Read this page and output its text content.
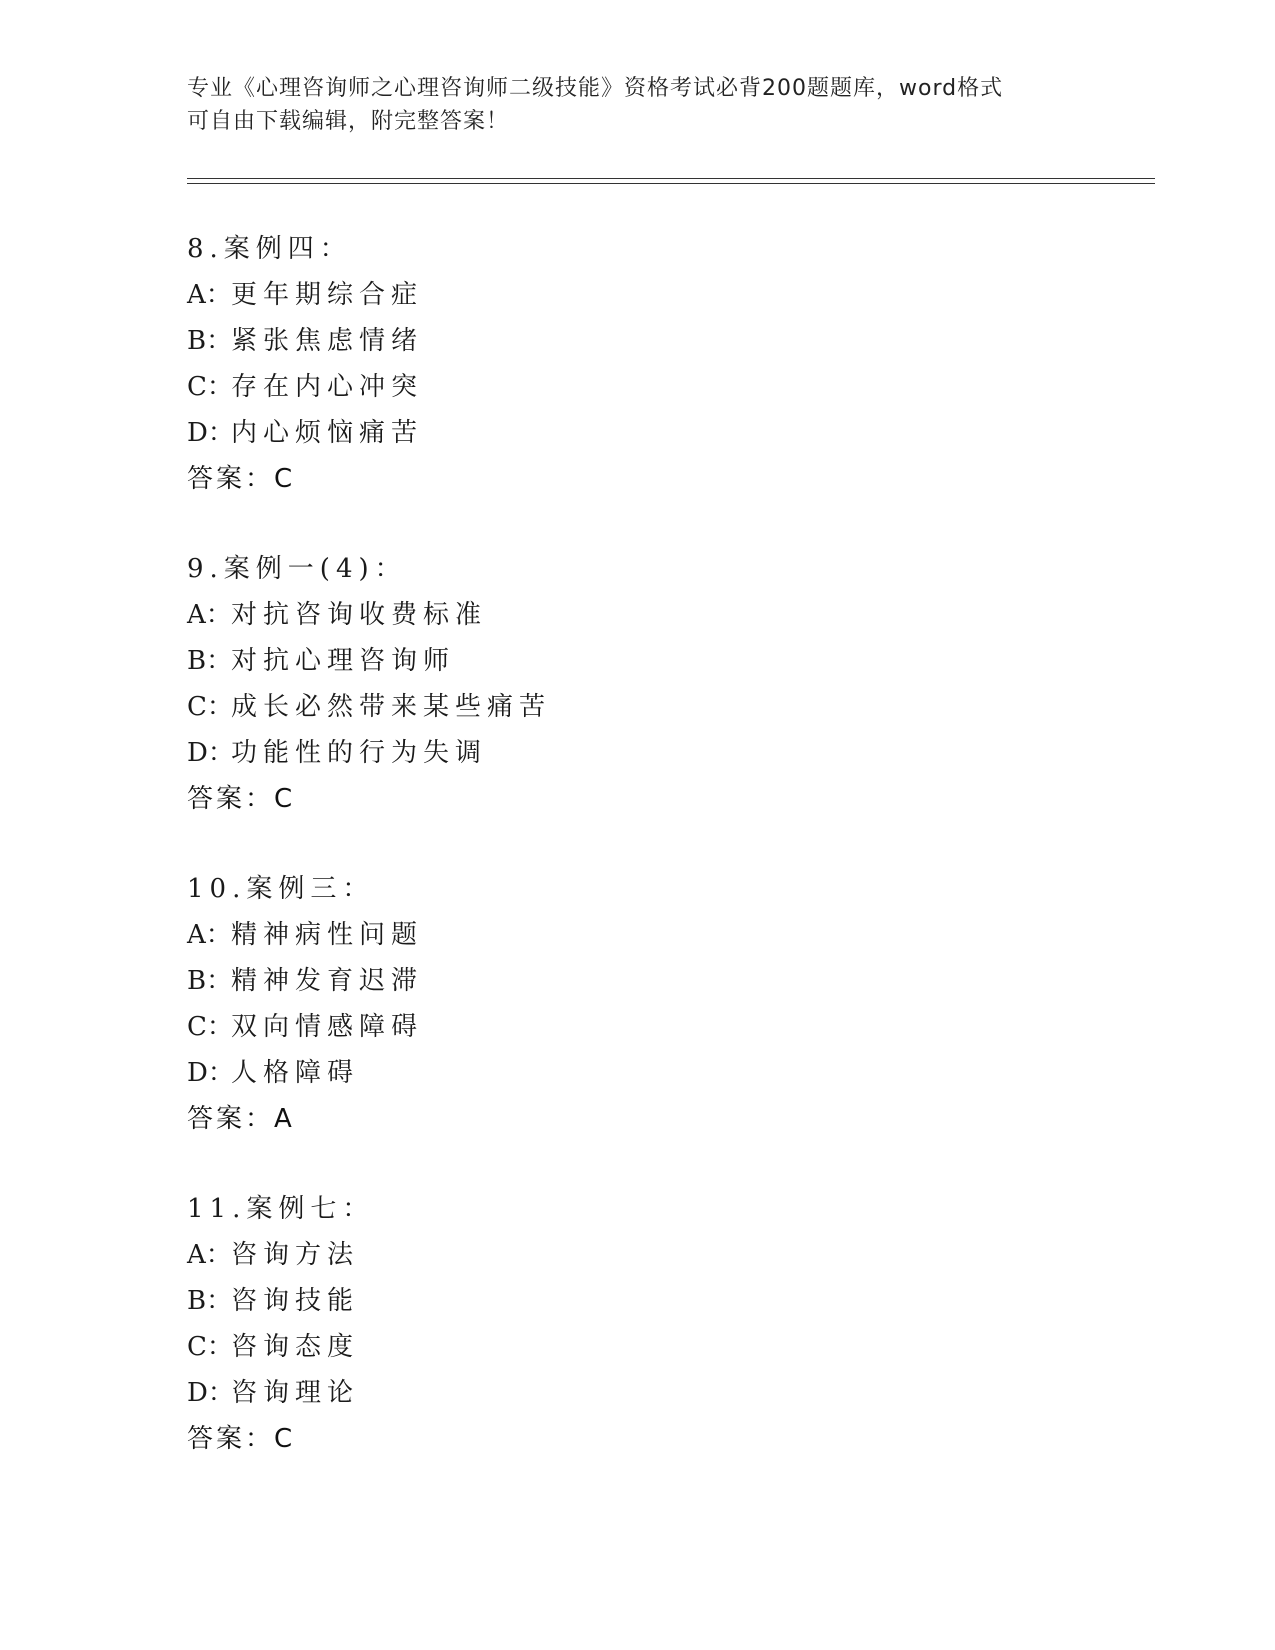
专业《心理咨询师之心理咨询师二级技能》资格考试必背200题题库，word格式
可自由下载编辑，附完整答案！
8.案例四：
A：更年期综合症
B：紧张焦虑情绪
C：存在内心冲突
D：内心烦恼痛苦
答案：C
9.案例一(4)：
A：对抗咨询收费标准
B：对抗心理咨询师
C：成长必然带来某些痛苦
D：功能性的行为失调
答案：C
10.案例三：
A：精神病性问题
B：精神发育迟滞
C：双向情感障碍
D：人格障碍
答案：A
11.案例七：
A：咨询方法
B：咨询技能
C：咨询态度
D：咨询理论
答案：C
